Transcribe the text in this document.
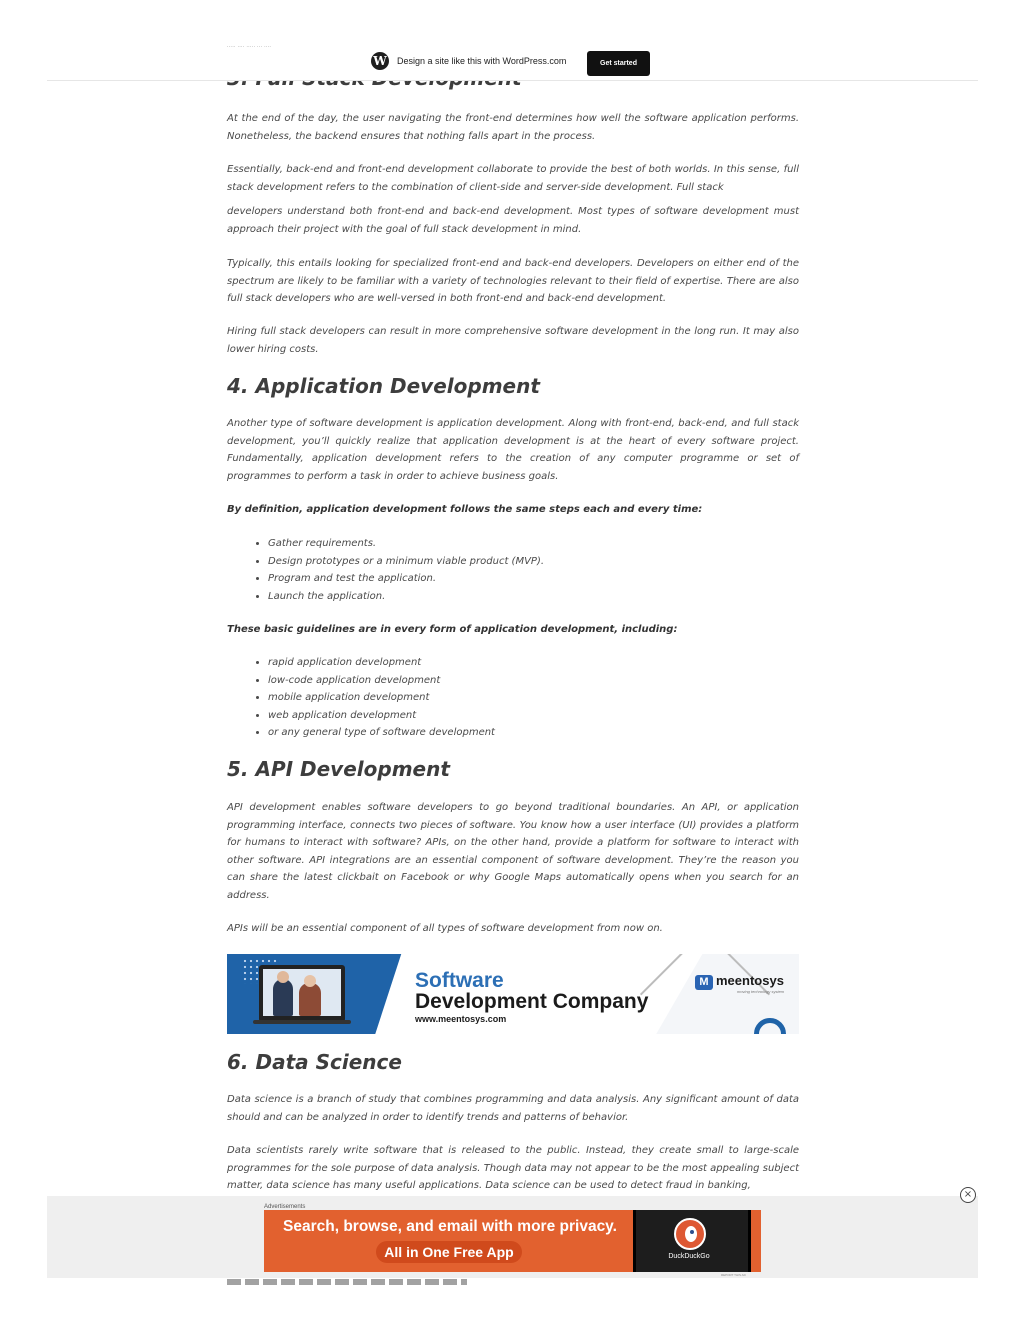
····· ···· ····· ··· ····
W Design a site like this with WordPress.com	Get started

At the end of the day, the user navigating the front-end determines how well the software application performs. Nonetheless, the backend ensures that nothing falls apart in the process.

Essentially, back-end and front-end development collaborate to provide the best of both worlds. In this sense, full stack development refers to the combination of client-side and server-side development. Full stack

developers understand both front-end and back-end development. Most types of software development must approach their project with the goal of full stack development in mind.

Typically, this entails looking for specialized front-end and back-end developers. Developers on either end of the spectrum are likely to be familiar with a variety of technologies relevant to their field of expertise. There are also full stack developers who are well-versed in both front-end and back-end development.

Hiring full stack developers can result in more comprehensive software development in the long run. It may also lower hiring costs.

4. Application Development

Another type of software development is application development. Along with front-end, back-end, and full stack development, you’ll quickly realize that application development is at the heart of every software project. Fundamentally, application development refers to the creation of any computer programme or set of programmes to perform a task in order to achieve business goals.

By definition, application development follows the same steps each and every time:

• Gather requirements.
• Design prototypes or a minimum viable product (MVP).
• Program and test the application.
• Launch the application.

These basic guidelines are in every form of application development, including:

• rapid application development
• low-code application development
• mobile application development
• web application development
• or any general type of software development
5. API Development

API development enables software developers to go beyond traditional boundaries. An API, or application programming interface, connects two pieces of software. You know how a user interface (UI) provides a platform for humans to interact with software? APIs, on the other hand, provide a platform for software to interact with other software. API integrations are an essential component of software development. They’re the reason you can share the latest clickbait on Facebook or why Google Maps automatically opens when you search for an address.

APIs will be an essential component of all types of software development from now on.

Software
Development Company
www.meentosys.com
M meentosys
moving technology system
6. Data Science

Data science is a branch of study that combines programming and data analysis. Any significant amount of data should and can be analyzed in order to identify trends and patterns of behavior.

Data scientists rarely write software that is released to the public. Instead, they create small to large-scale programmes for the sole purpose of data analysis. Though data may not appear to be the most appealing subject matter, data science has many useful applications. Data science can be used to detect fraud in banking,

×
Advertisements
Search, browse, and email with more privacy.
All in One Free App	DuckDuckGo
REPORT THIS AD
